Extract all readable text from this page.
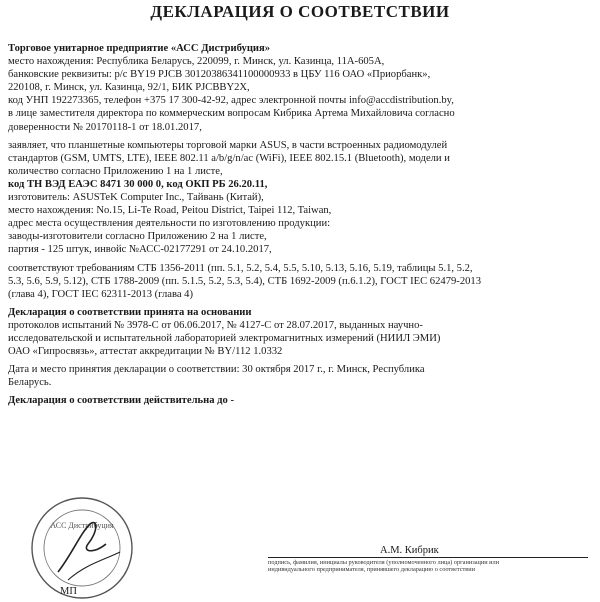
ДЕКЛАРАЦИЯ О СООТВЕТСТВИИ

Торговое унитарное предприятие «АСС Дистрибуция»

место нахождения: Республика Беларусь, 220099, г. Минск, ул. Казинца, 11А-605А,

банковские реквизиты: р/с BY19 PJCB 30120386341100000933 в ЦБУ 116 ОАО «Приорбанк»,

220108, г. Минск, ул. Казинца, 92/1, БИК PJCBBY2X,

код УНП 192273365, телефон +375 17 300-42-92, адрес электронной почты info@accdistribution.by,

в лице заместителя директора по коммерческим вопросам Кибрика Артема Михайловича согласно

доверенности № 20170118-1 от 18.01.2017,

заявляет, что планшетные компьютеры торговой марки ASUS, в части встроенных радиомодулей

стандартов (GSM, UMTS, LTE), IEEE 802.11 a/b/g/n/ac (WiFi), IEEE 802.15.1 (Bluetooth), модели и

количество согласно Приложению 1 на 1 листе,

код ТН ВЭД ЕАЭС 8471 30 000 0, код ОКП РБ 26.20.11,

изготовитель: ASUSTeK Computer Inc., Тайвань (Китай),

место нахождения: No.15, Li-Te Road, Peitou District, Taipei 112, Taiwan,

адрес места осуществления деятельности по изготовлению продукции:

заводы-изготовители согласно Приложению 2 на 1 листе,

партия - 125 штук, инвойс №АСС-02177291 от 24.10.2017,

соответствуют требованиям СТБ 1356-2011 (пп. 5.1, 5.2, 5.4, 5.5, 5.10, 5.13, 5.16, 5.19, таблицы 5.1, 5.2,

5.3, 5.6, 5.9, 5.12), СТБ 1788-2009 (пп. 5.1.5, 5.2, 5.3, 5.4), СТБ 1692-2009 (п.6.1.2), ГОСТ IEC 62479-2013

(глава 4), ГОСТ IEC 62311-2013 (глава 4)

Декларация о соответствии принята на основании

протоколов испытаний № 3978-С от 06.06.2017, № 4127-С от 28.07.2017, выданных научно-

исследовательской и испытательной лабораторией электромагнитных измерений (НИИЛ ЭМИ)

ОАО «Гипросвязь», аттестат аккредитации № BY/112 1.0332

Дата и место принятия декларации о соответствии: 30 октября 2017 г., г. Минск, Республика

Беларусь.

Декларация о соответствии действительна до -

АСС Дистрибуция
А.М. Кибрик

подпись, фамилия, инициалы руководителя (уполномоченного лица) организации или

индивидуального предпринимателя, принявшего декларацию о соответствии

МП
